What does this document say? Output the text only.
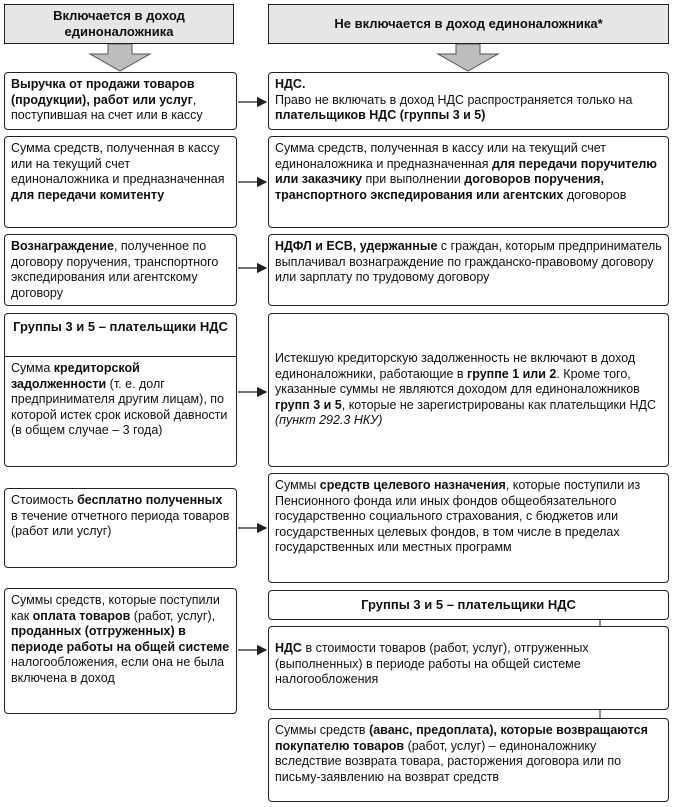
Включается в доход единоналожника
Не включается в доход единоналожника*
Выручка от продажи товаров (продукции), работ или услуг, поступившая на счет или в кассу
Сумма средств, полученная в кассу или на текущий счет единоналожника и предназначенная для передачи комитенту
Вознаграждение, полученное по договору поручения, транспортного экспедирования или агентскому договору
Группы 3 и 5 – плательщики НДС
Сумма кредиторской задолженности (т. е. долг предпринимателя другим лицам), по которой истек срок исковой давности (в общем случае – 3 года)
Стоимость бесплатно полученных в течение отчетного периода товаров (работ или услуг)
Суммы средств, которые поступили как оплата товаров (работ, услуг), проданных (отгруженных) в периоде работы на общей системе налогообложения, если она не была включена в доход
НДС.
Право не включать в доход НДС распространяется только на плательщиков НДС (группы 3 и 5)
Сумма средств, полученная в кассу или на текущий счет единоналожника и предназначенная для передачи поручителю или заказчику при выполнении договоров поручения, транспортного экспедирования или агентских договоров
НДФЛ и ЕСВ, удержанные с граждан, которым предприниматель выплачивал вознаграждение по гражданско-правовому договору или зарплату по трудовому договору
Истекшую кредиторскую задолженность не включают в доход единоналожники, работающие в группе 1 или 2. Кроме того, указанные суммы не являются доходом для единоналожников групп 3 и 5, которые не зарегистрированы как плательщики НДС (пункт 292.3 НКУ)
Суммы средств целевого назначения, которые поступили из Пенсионного фонда или иных фондов общеобязательного государственно социального страхования, с бюджетов или государственных целевых фондов, в том числе в пределах государственных или местных программ
Группы 3 и 5 – плательщики НДС
НДС в стоимости товаров (работ, услуг), отгруженных (выполненных) в периоде работы на общей системе налогообложения
Суммы средств (аванс, предоплата), которые возвращаются покупателю товаров (работ, услуг) – единоналожнику вследствие возврата товара, расторжения договора или по письму-заявлению на возврат средств
